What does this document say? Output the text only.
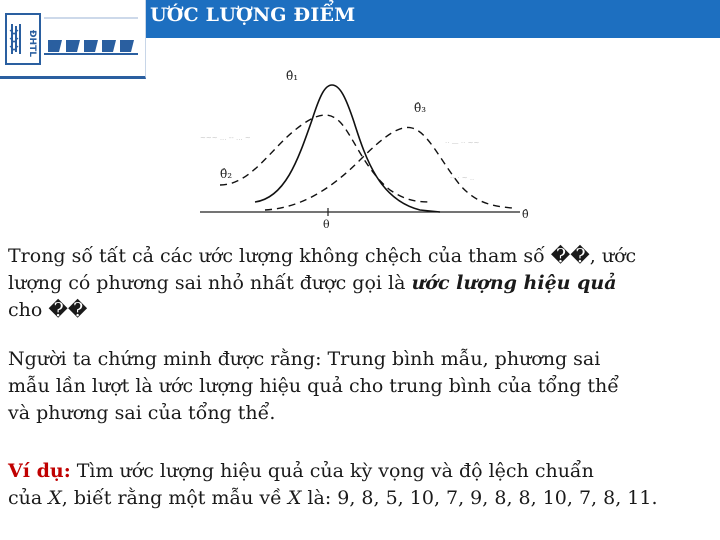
ĐHTL
ƯỚC LƯỢNG ĐIỂM
~~~ ... -- ... ~
·· — ·· ~~
-- · ~ ..
θ̂₁
θ̂₂
θ̂₃
θ
θ̂
Trong số tất cả các ước lượng không chệch của tham số ��, ước
lượng có phương sai nhỏ nhất được gọi là ước lượng hiệu quả
cho ��
Người ta chứng minh được rằng: Trung bình mẫu, phương sai
mẫu lần lượt là ước lượng hiệu quả cho trung bình của tổng thể
và phương sai của tổng thể.
Ví dụ: Tìm ước lượng hiệu quả của kỳ vọng và độ lệch chuẩn
của X, biết rằng một mẫu về X là: 9, 8, 5, 10, 7, 9, 8, 8, 10, 7, 8, 11.
